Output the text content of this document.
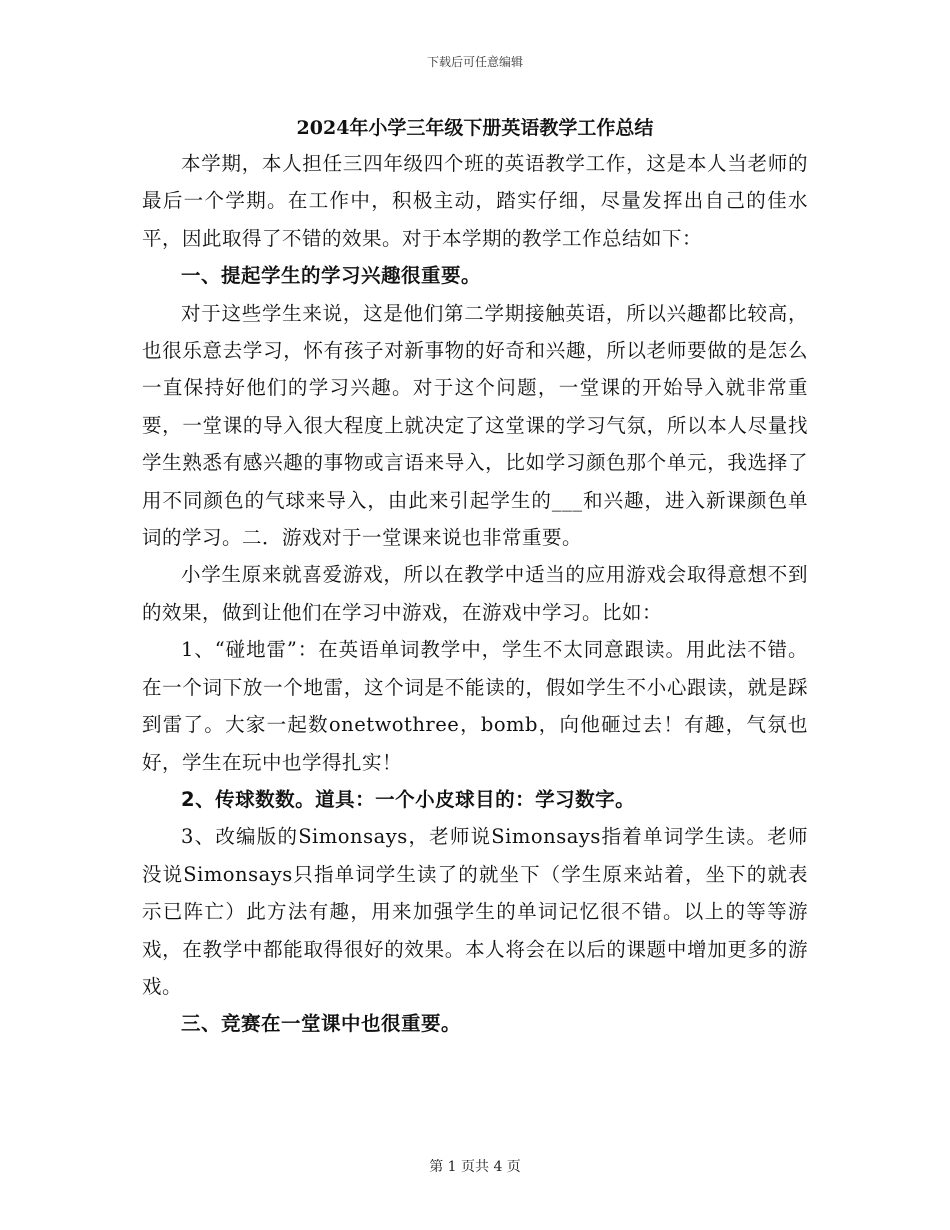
下载后可任意编辑
2024年小学三年级下册英语教学工作总结

本学期，本人担任三四年级四个班的英语教学工作，这是本人当老师的最后一个学期。在工作中，积极主动，踏实仔细，尽量发挥出自己的佳水平，因此取得了不错的效果。对于本学期的教学工作总结如下：

一、提起学生的学习兴趣很重要。

对于这些学生来说，这是他们第二学期接触英语，所以兴趣都比较高，也很乐意去学习，怀有孩子对新事物的好奇和兴趣，所以老师要做的是怎么一直保持好他们的学习兴趣。对于这个问题，一堂课的开始导入就非常重要，一堂课的导入很大程度上就决定了这堂课的学习气氛，所以本人尽量找学生熟悉有感兴趣的事物或言语来导入，比如学习颜色那个单元，我选择了用不同颜色的气球来导入，由此来引起学生的___和兴趣，进入新课颜色单词的学习。二．游戏对于一堂课来说也非常重要。

小学生原来就喜爱游戏，所以在教学中适当的应用游戏会取得意想不到的效果，做到让他们在学习中游戏，在游戏中学习。比如：

1、“碰地雷”：在英语单词教学中，学生不太同意跟读。用此法不错。在一个词下放一个地雷，这个词是不能读的，假如学生不小心跟读，就是踩到雷了。大家一起数onetwothree，bomb，向他砸过去！有趣，气氛也好，学生在玩中也学得扎实！

2、传球数数。道具：一个小皮球目的：学习数字。

3、改编版的Simonsays，老师说Simonsays指着单词学生读。老师没说Simonsays只指单词学生读了的就坐下（学生原来站着，坐下的就表示已阵亡）此方法有趣，用来加强学生的单词记忆很不错。以上的等等游戏，在教学中都能取得很好的效果。本人将会在以后的课题中增加更多的游戏。

三、竞赛在一堂课中也很重要。

第 1 页共 4 页
